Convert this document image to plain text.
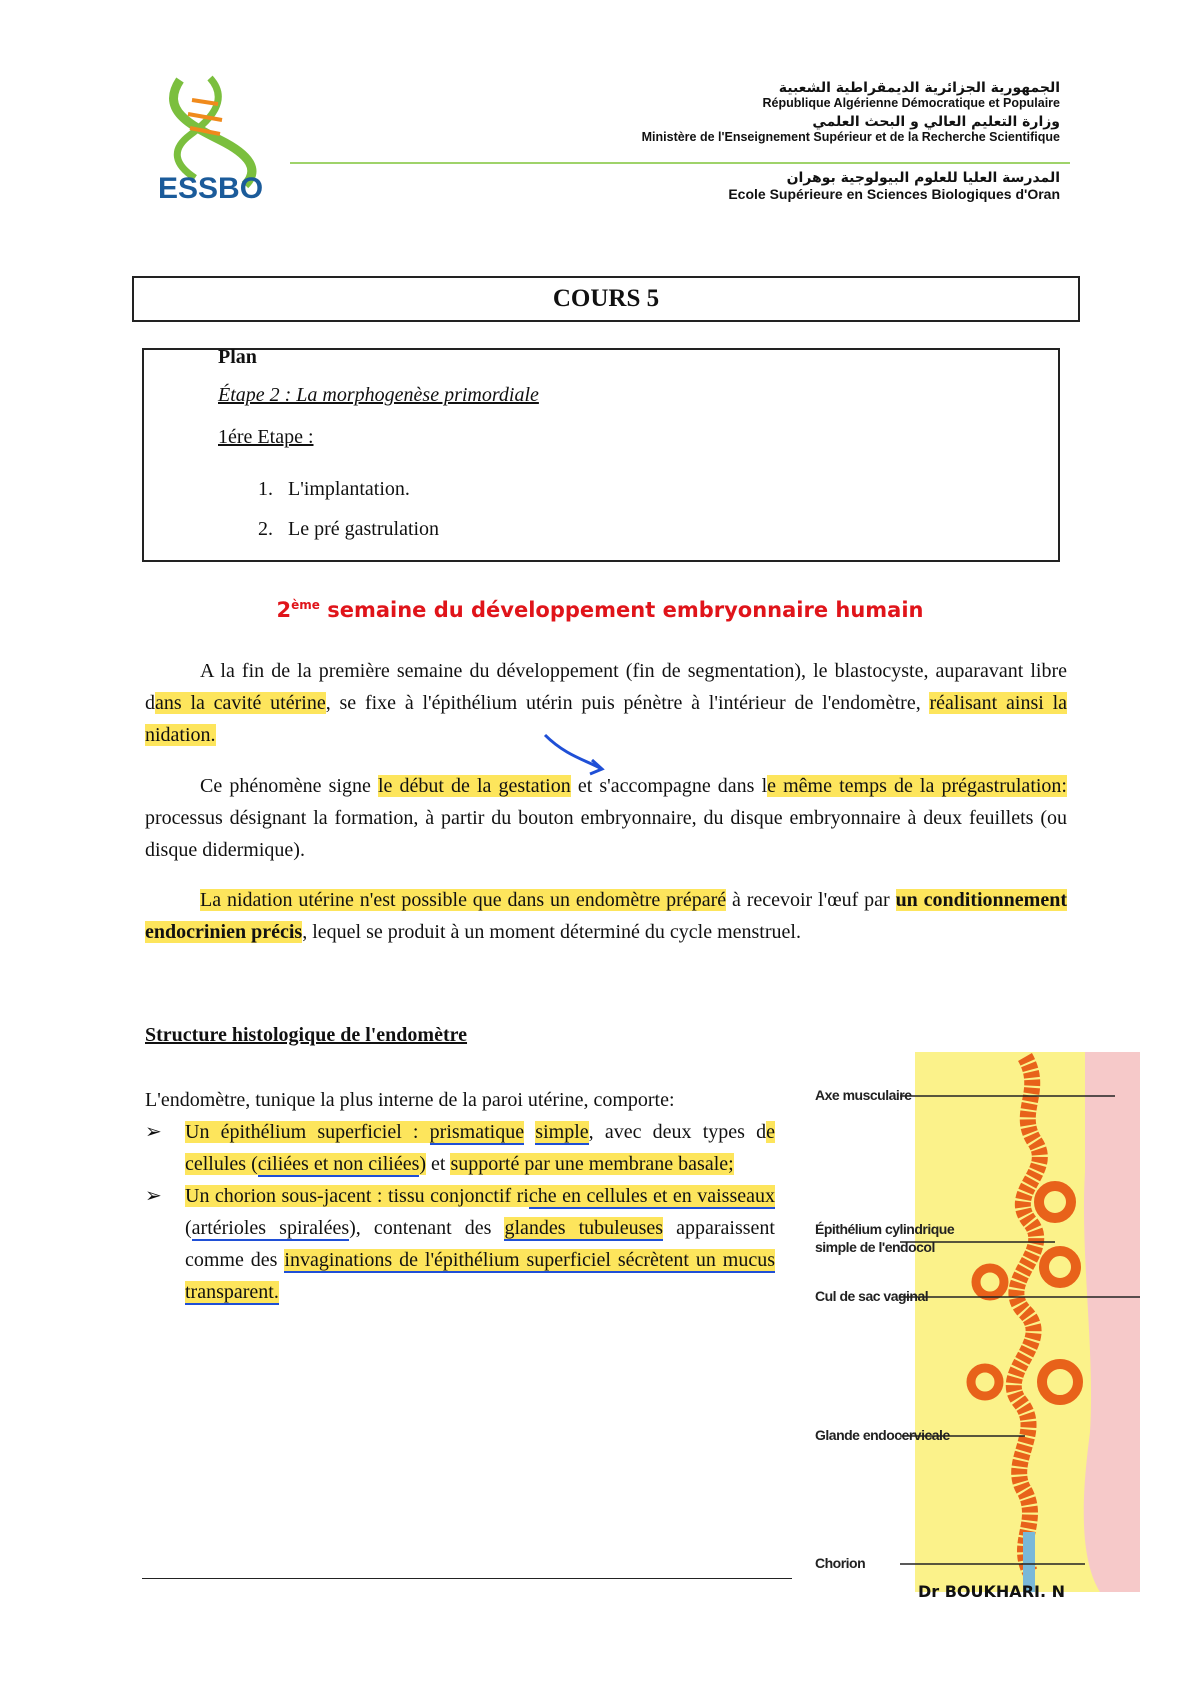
ESSBO

الجمهورية الجزائرية الديمقراطية الشعبية

République Algérienne Démocratique et Populaire

وزارة التعليم العالي و البحث العلمي

Ministère de l'Enseignement Supérieur et de la Recherche Scientifique

المدرسة العليا للعلوم البيولوجية بوهران

Ecole Supérieure en Sciences Biologiques d'Oran

COURS 5
Plan
Étape 2 : La morphogenèse primordiale
1ére Etape :
1. L'implantation.
2. Le pré gastrulation
2ème semaine du développement embryonnaire humain
A la fin de la première semaine du développement (fin de segmentation), le blastocyste, auparavant libre dans la cavité utérine, se fixe à l'épithélium utérin puis pénètre à l'intérieur de l'endomètre, réalisant ainsi la nidation.
Ce phénomène signe le début de la gestation et s'accompagne dans le même temps de la prégastrulation: processus désignant la formation, à partir du bouton embryonnaire, du disque embryonnaire à deux feuillets (ou disque didermique).
La nidation utérine n'est possible que dans un endomètre préparé à recevoir l'œuf par un conditionnement endocrinien précis, lequel se produit à un moment déterminé du cycle menstruel.
Structure histologique de l'endomètre
L'endomètre, tunique la plus interne de la paroi utérine, comporte:
➢	Un épithélium superficiel : prismatique simple, avec deux types de cellules (ciliées et non ciliées) et supporté par une membrane basale;
➢	Un chorion sous-jacent : tissu conjonctif riche en cellules et en vaisseaux (artérioles spiralées), contenant des glandes tubuleuses apparaissent comme des invaginations de l'épithélium superficiel sécrètent un mucus transparent.
Axe musculaire
Épithélium cylindrique simple de l'endocol
Cul de sac vaginal
Glande endocervicale
Chorion
Dr BOUKHARI. N
